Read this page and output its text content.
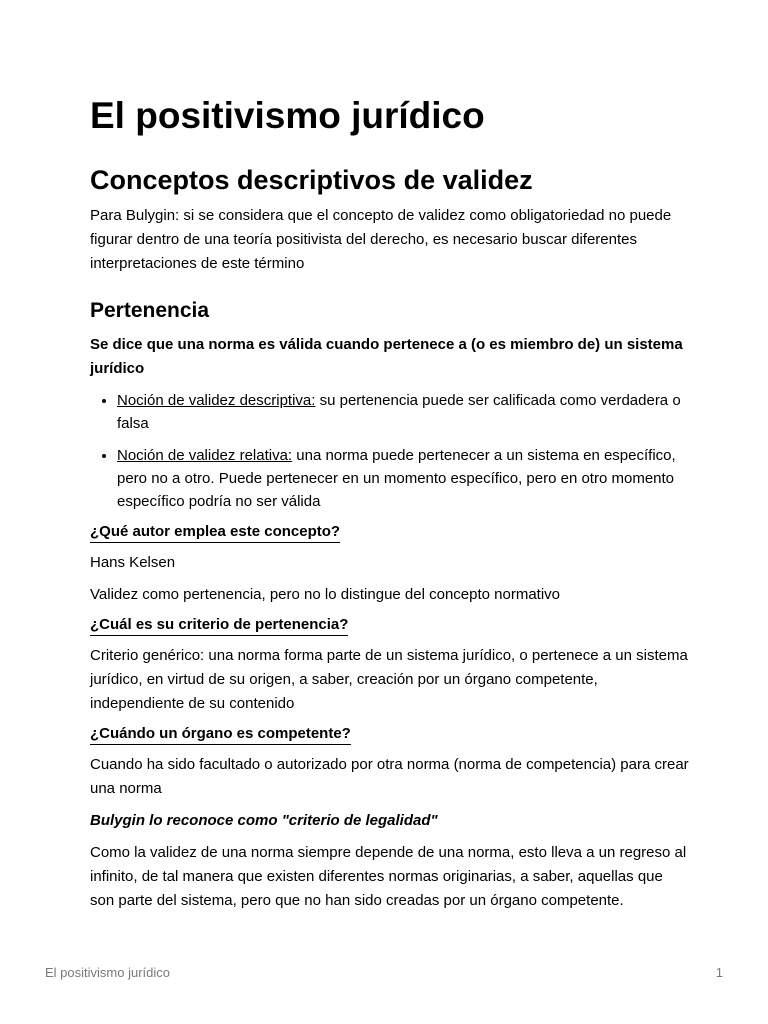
El positivismo jurídico
Conceptos descriptivos de validez

Para Bulygin: si se considera que el concepto de validez como obligatoriedad no puede figurar dentro de una teoría positivista del derecho, es necesario buscar diferentes interpretaciones de este término

Pertenencia

Se dice que una norma es válida cuando pertenece a (o es miembro de) un sistema jurídico

• Noción de validez descriptiva: su pertenencia puede ser calificada como verdadera o falsa
• Noción de validez relativa: una norma puede pertenecer a un sistema en específico, pero no a otro. Puede pertenecer en un momento específico, pero en otro momento específico podría no ser válida
¿Qué autor emplea este concepto?

Hans Kelsen

Validez como pertenencia, pero no lo distingue del concepto normativo

¿Cuál es su criterio de pertenencia?

Criterio genérico: una norma forma parte de un sistema jurídico, o pertenece a un sistema jurídico, en virtud de su origen, a saber, creación por un órgano competente, independiente de su contenido

¿Cuándo un órgano es competente?

Cuando ha sido facultado o autorizado por otra norma (norma de competencia) para crear una norma

Bulygin lo reconoce como "criterio de legalidad"

Como la validez de una norma siempre depende de una norma, esto lleva a un regreso al infinito, de tal manera que existen diferentes normas originarias, a saber, aquellas que son parte del sistema, pero que no han sido creadas por un órgano competente.

El positivismo jurídico	1
